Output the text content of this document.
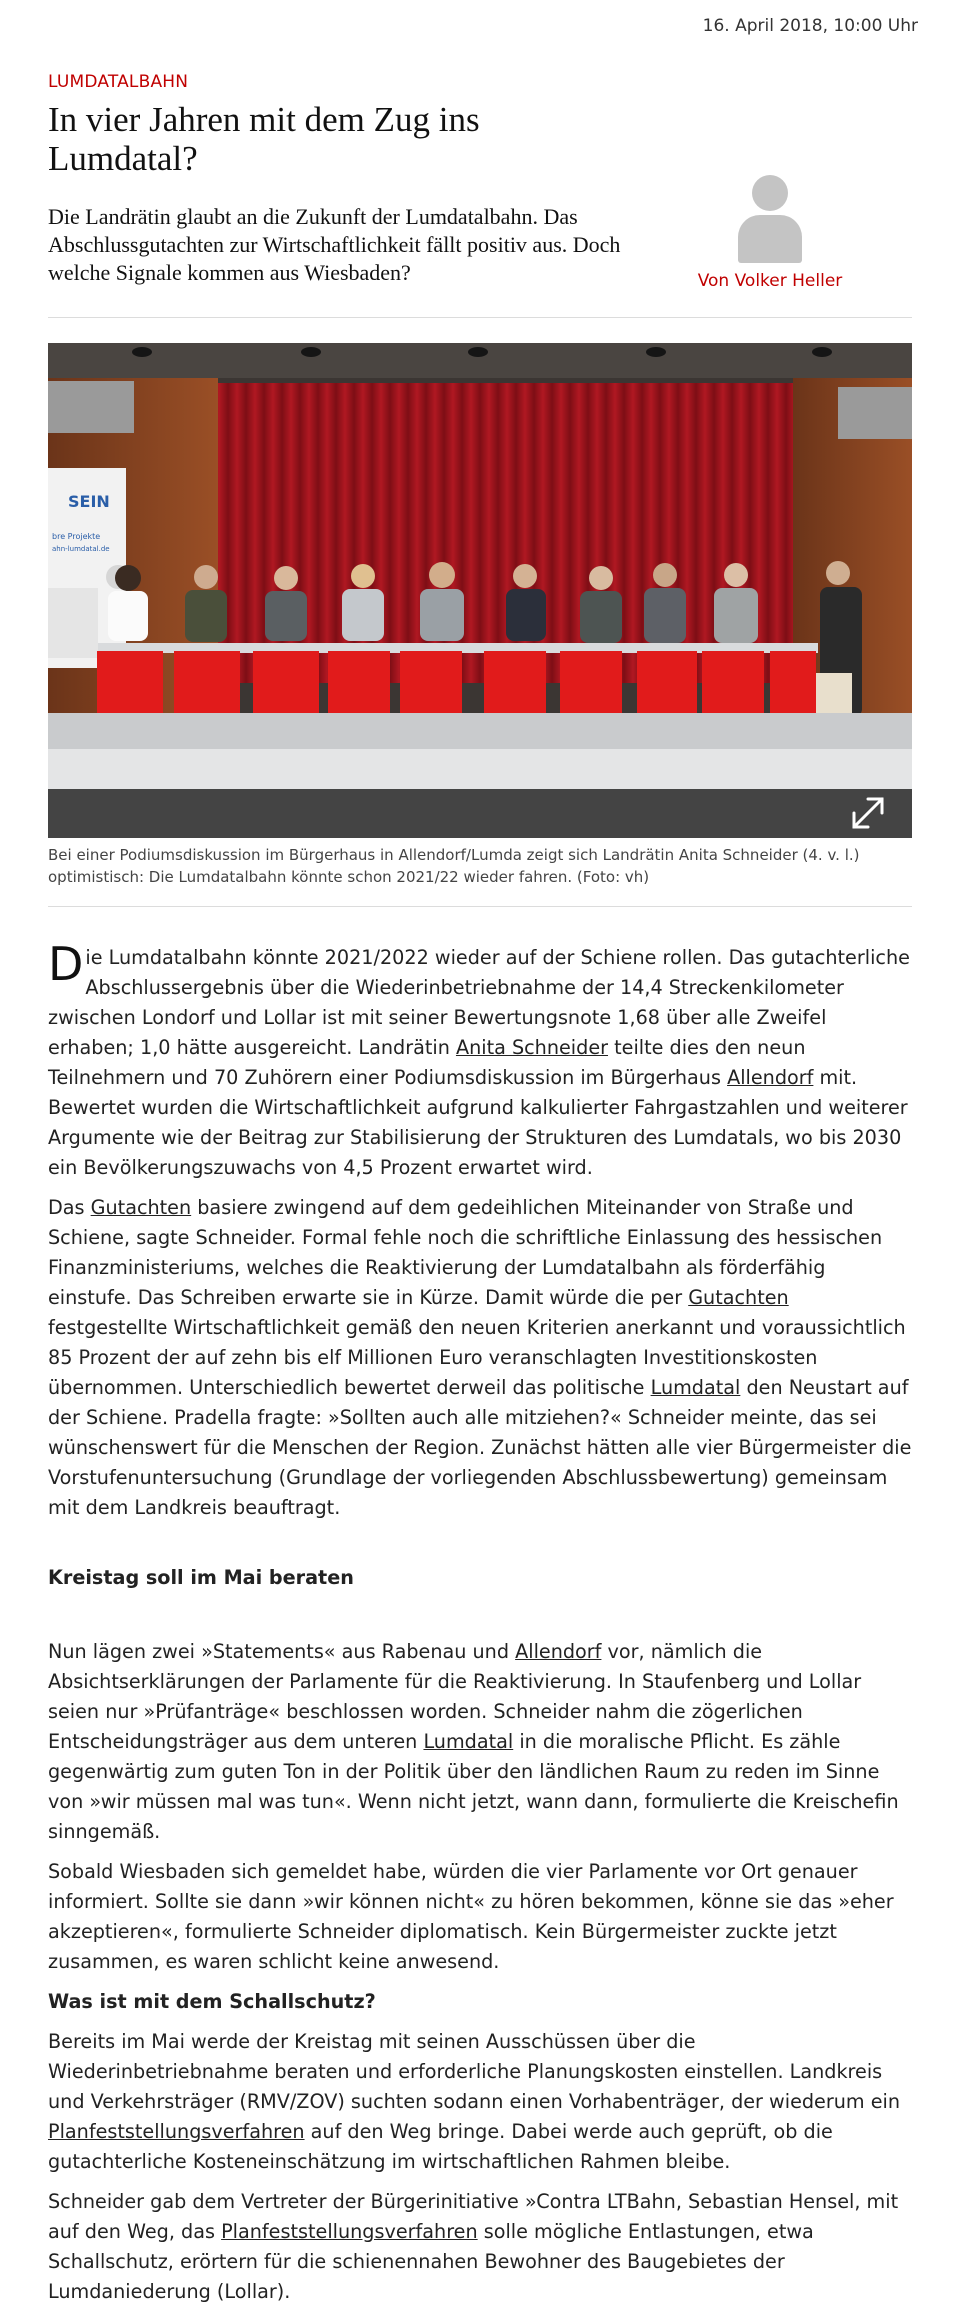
16. April 2018, 10:00 Uhr
LUMDATALBAHN
In vier Jahren mit dem Zug ins Lumdatal?

Die Landrätin glaubt an die Zukunft der Lumdatalbahn. Das Abschlussgutachten zur Wirtschaftlichkeit fällt positiv aus. Doch welche Signale kommen aus Wiesbaden?	Von Volker Heller
SEIN
bre Projekte
ahn-lumdatal.de
Bei einer Podiumsdiskussion im Bürgerhaus in Allendorf/Lumda zeigt sich Landrätin Anita Schneider (4. v. l.) optimistisch: Die Lumdatalbahn könnte schon 2021/22 wieder fahren. (Foto: vh)

Die Lumdatalbahn könnte 2021/2022 wieder auf der Schiene rollen. Das gutachterliche Abschlussergebnis über die Wiederinbetriebnahme der 14,4 Streckenkilometer zwischen Londorf und Lollar ist mit seiner Bewertungsnote 1,68 über alle Zweifel erhaben; 1,0 hätte ausgereicht. Landrätin Anita Schneider teilte dies den neun Teilnehmern und 70 Zuhörern einer Podiumsdiskussion im Bürgerhaus Allendorf mit. Bewertet wurden die Wirtschaftlichkeit aufgrund kalkulierter Fahrgastzahlen und weiterer Argumente wie der Beitrag zur Stabilisierung der Strukturen des Lumdatals, wo bis 2030 ein Bevölkerungszuwachs von 4,5 Prozent erwartet wird.

Das Gutachten basiere zwingend auf dem gedeihlichen Miteinander von Straße und Schiene, sagte Schneider. Formal fehle noch die schriftliche Einlassung des hessischen Finanzministeriums, welches die Reaktivierung der Lumdatalbahn als förderfähig einstufe. Das Schreiben erwarte sie in Kürze. Damit würde die per Gutachten festgestellte Wirtschaftlichkeit gemäß den neuen Kriterien anerkannt und voraussichtlich 85 Prozent der auf zehn bis elf Millionen Euro veranschlagten Investitionskosten übernommen. Unterschiedlich bewertet derweil das politische Lumdatal den Neustart auf der Schiene. Pradella fragte: »Sollten auch alle mitziehen?« Schneider meinte, das sei wünschenswert für die Menschen der Region. Zunächst hätten alle vier Bürgermeister die Vorstufenuntersuchung (Grundlage der vorliegenden Abschlussbewertung) gemeinsam mit dem Landkreis beauftragt.

Kreistag soll im Mai beraten

Nun lägen zwei »Statements« aus Rabenau und Allendorf vor, nämlich die Absichtserklärungen der Parlamente für die Reaktivierung. In Staufenberg und Lollar seien nur »Prüfanträge« beschlossen worden. Schneider nahm die zögerlichen Entscheidungsträger aus dem unteren Lumdatal in die moralische Pflicht. Es zähle gegenwärtig zum guten Ton in der Politik über den ländlichen Raum zu reden im Sinne von »wir müssen mal was tun«. Wenn nicht jetzt, wann dann, formulierte die Kreischefin sinngemäß.

Sobald Wiesbaden sich gemeldet habe, würden die vier Parlamente vor Ort genauer informiert. Sollte sie dann »wir können nicht« zu hören bekommen, könne sie das »eher akzeptieren«, formulierte Schneider diplomatisch. Kein Bürgermeister zuckte jetzt zusammen, es waren schlicht keine anwesend.

Was ist mit dem Schallschutz?

Bereits im Mai werde der Kreistag mit seinen Ausschüssen über die Wiederinbetriebnahme beraten und erforderliche Planungskosten einstellen. Landkreis und Verkehrsträger (RMV/ZOV) suchten sodann einen Vorhabenträger, der wiederum ein Planfeststellungsverfahren auf den Weg bringe. Dabei werde auch geprüft, ob die gutachterliche Kosteneinschätzung im wirtschaftlichen Rahmen bleibe.

Schneider gab dem Vertreter der Bürgerinitiative »Contra LTBahn, Sebastian Hensel, mit auf den Weg, das Planfeststellungsverfahren solle mögliche Entlastungen, etwa Schallschutz, erörtern für die schienennahen Bewohner des Baugebietes der Lumdaniederung (Lollar).
